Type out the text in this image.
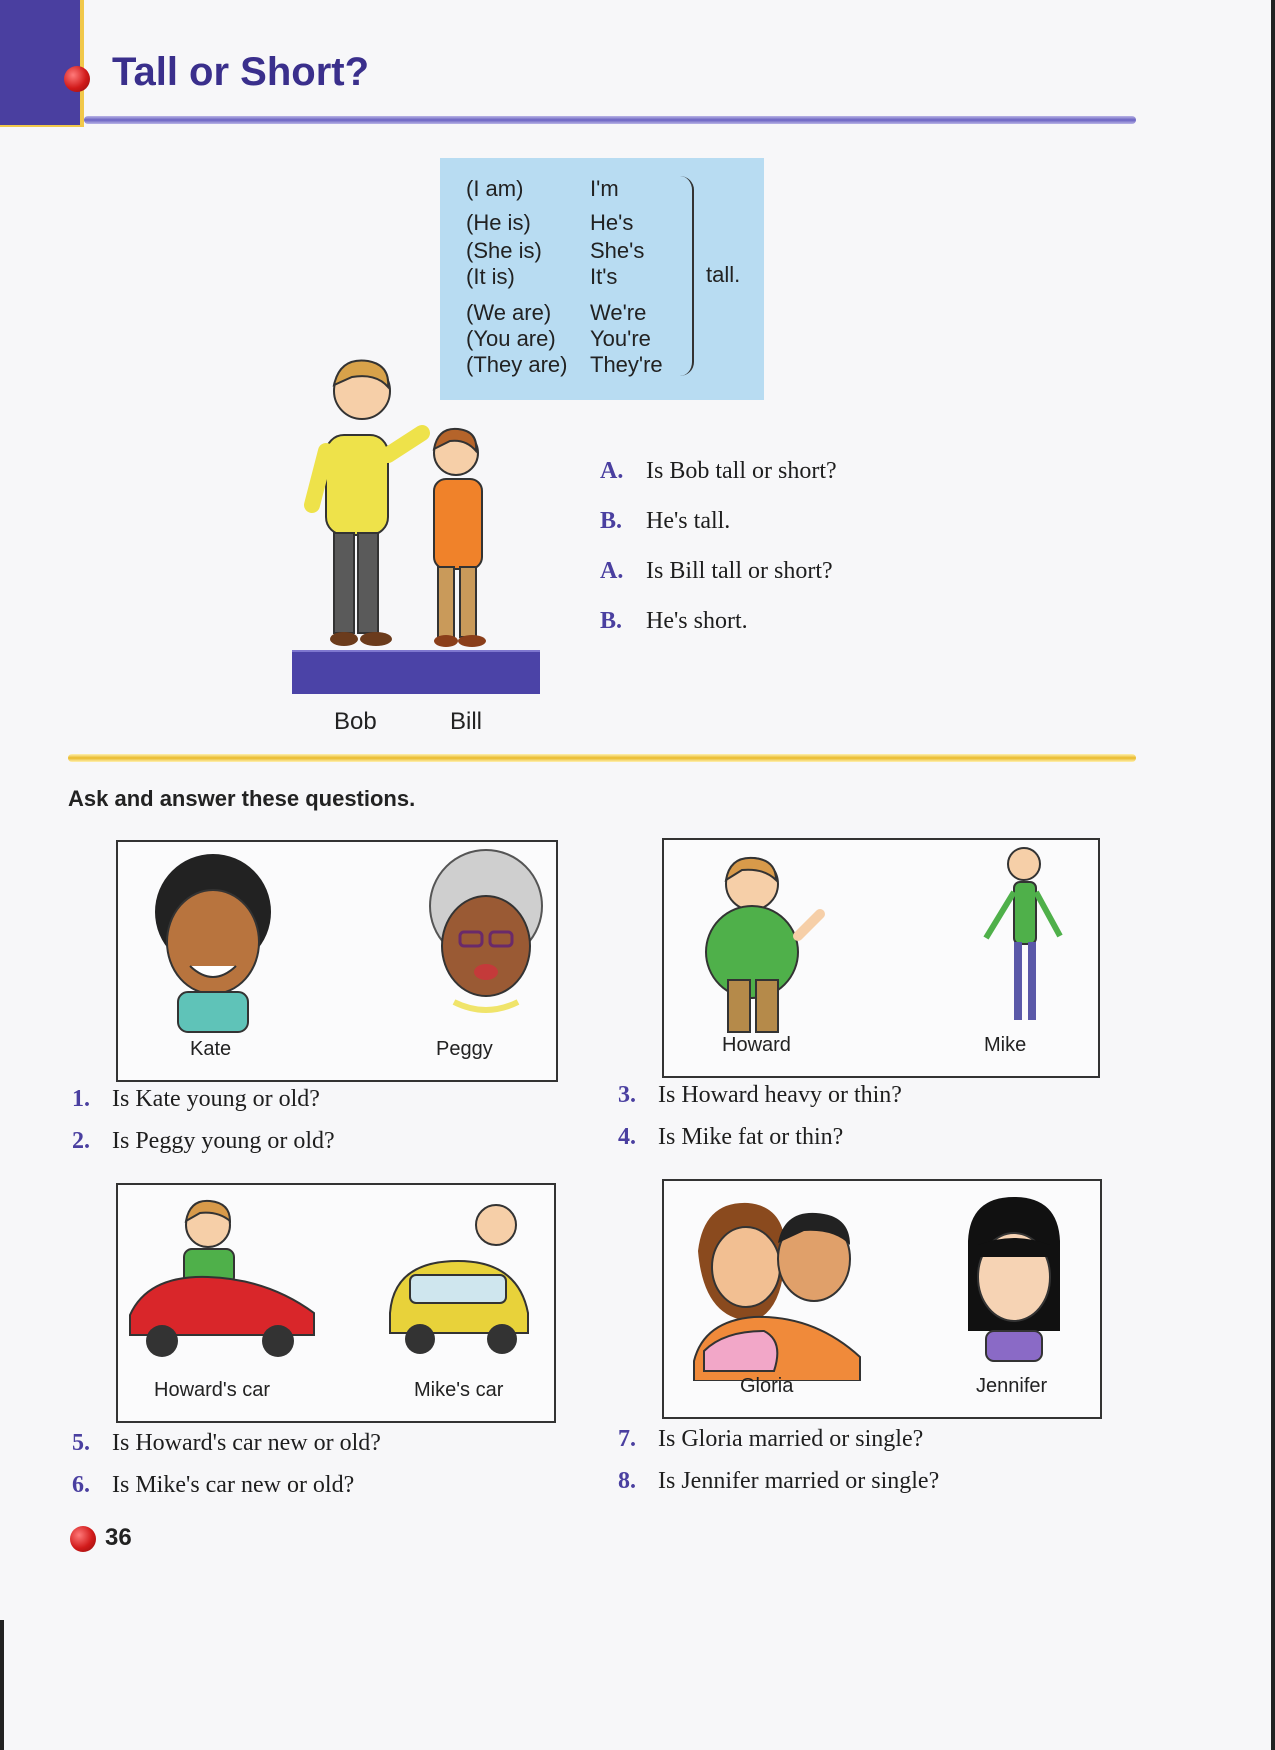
Tall or Short?
(I am)	I'm
(He is)	He's
(She is) She's
(It is)	It's
(We are) We're
(You are) You're
(They are) They're
tall.
Bob	Bill
A. Is Bob tall or short?
B. He's tall.
A. Is Bill tall or short?
B. He's short.
Ask and answer these questions.
Kate	Peggy	Howard	Mike
1. Is Kate young or old?
2. Is Peggy young or old?
3. Is Howard heavy or thin?
4. Is Mike fat or thin?
Howard's car	Mike's car	Gloria	Jennifer
5. Is Howard's car new or old?
6. Is Mike's car new or old?
7. Is Gloria married or single?
8. Is Jennifer married or single?
36
